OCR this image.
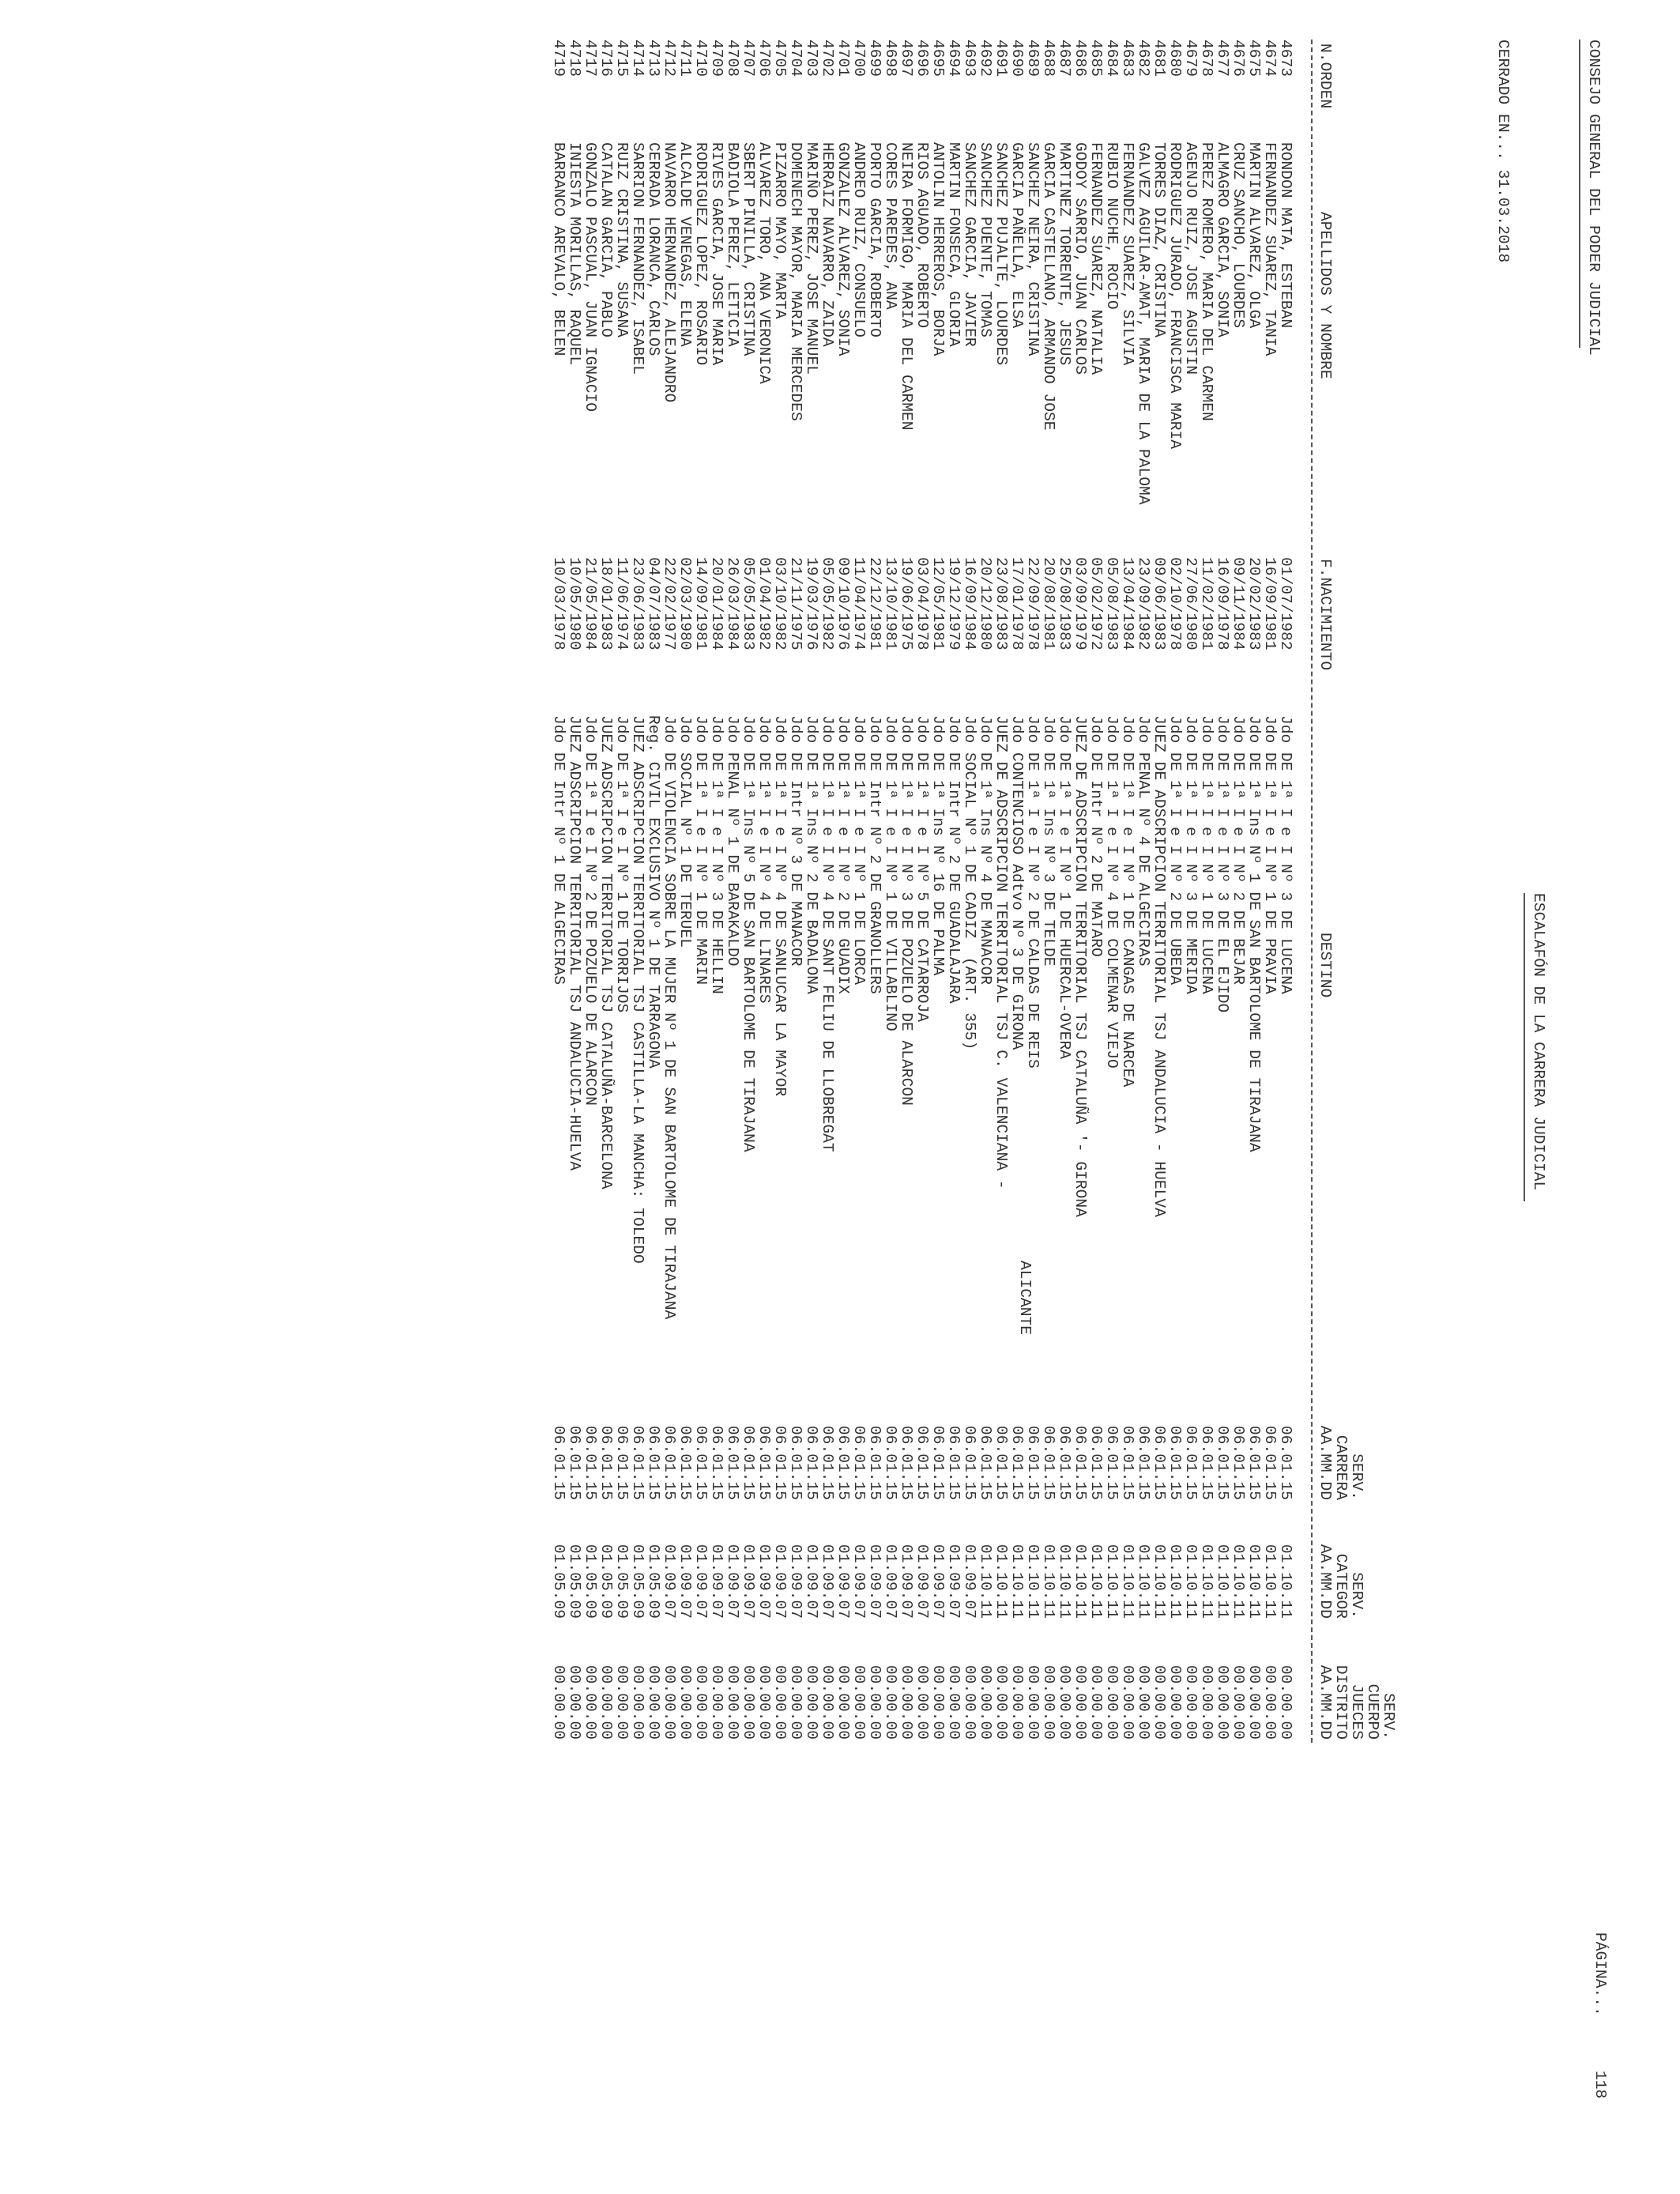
CONSEJO GENERAL DEL PODER JUDICIAL
CERRADO EN... 31.03.2018
ESCALAFÓN DE LA CARRERA JUDICIAL
PÁGINA...
118
N.ORDEN
APELLIDOS Y NOMBRE
F.NACIMIENTO
DESTINO
SERV.
CARRERA
AA.MM.DD
SERV.
CATEGOR
AA.MM.DD
SERV.
CUERPO
JUECES
DISTRITO
AA.MM.DD
4673
RONDON MATA, ESTEBAN
01/07/1982
Jdo DE 1ª I e I Nº 3 DE LUCENA
06.01.15
01.10.11
00.00.00
4674
FERNANDEZ SUAREZ, TANIA
16/09/1981
Jdo DE 1ª I e I Nº 1 DE PRAVIA
06.01.15
01.10.11
00.00.00
4675
MARTIN ALVAREZ, OLGA
20/02/1983
Jdo DE 1ª Ins Nº 1 DE SAN BARTOLOME DE TIRAJANA
06.01.15
01.10.11
00.00.00
4676
CRUZ SANCHO, LOURDES
09/11/1984
Jdo DE 1ª I e I Nº 2 DE BEJAR
06.01.15
01.10.11
00.00.00
4677
ALMAGRO GARCIA, SONIA
16/09/1978
Jdo DE 1ª I e I Nº 3 DE EL EJIDO
06.01.15
01.10.11
00.00.00
4678
PEREZ ROMERO, MARIA DEL CARMEN
11/02/1981
Jdo DE 1ª I e I Nº 1 DE LUCENA
06.01.15
01.10.11
00.00.00
4679
AGENJO RUIZ, JOSE AGUSTIN
27/06/1980
Jdo DE 1ª I e I Nº 3 DE MERIDA
06.01.15
01.10.11
00.00.00
4680
RODRIGUEZ JURADO, FRANCISCA MARIA
02/10/1978
Jdo DE 1ª I e I Nº 2 DE UBEDA
06.01.15
01.10.11
00.00.00
4681
TORRES DIAZ, CRISTINA
09/06/1983
JUEZ DE ADSCRIPCION TERRITORIAL TSJ ANDALUCIA - HUELVA
06.01.15
01.10.11
00.00.00
4682
GALVEZ AGUILAR-AMAT, MARIA DE LA PALOMA
23/09/1982
Jdo PENAL Nº 4 DE ALGECIRAS
06.01.15
01.10.11
00.00.00
4683
FERNANDEZ SUAREZ, SILVIA
13/04/1984
Jdo DE 1ª I e I Nº 1 DE CANGAS DE NARCEA
06.01.15
01.10.11
00.00.00
4684
RUBIO NUCHE, ROCIO
05/08/1983
Jdo DE 1ª I e I Nº 4 DE COLMENAR VIEJO
06.01.15
01.10.11
00.00.00
4685
FERNANDEZ SUAREZ, NATALIA
05/02/1972
Jdo DE Intr Nº 2 DE MATARO
06.01.15
01.10.11
00.00.00
4686
GODOY SARRIO, JUAN CARLOS
03/09/1979
JUEZ DE ADSCRIPCION TERRITORIAL TSJ CATALUÑA '- GIRONA
06.01.15
01.10.11
00.00.00
4687
MARTINEZ TORRENTE, JESUS
25/08/1983
Jdo DE 1ª I e I Nº 1 DE HUERCAL-OVERA
06.01.15
01.10.11
00.00.00
4688
GARCIA CASTELLANO, ARMANDO JOSE
20/08/1981
Jdo DE 1ª Ins Nº 3 DE TELDE
06.01.15
01.10.11
00.00.00
4689
SANCHEZ NEIRA, CRISTINA
22/09/1978
Jdo DE 1ª I e I Nº 2 DE CALDAS DE REIS
06.01.15
01.10.11
00.00.00
4690
GARCIA PAÑELLA, ELSA
17/01/1978
Jdo CONTENCIOSO Adtvo Nº 3 DE GIRONA
06.01.15
01.10.11
00.00.00
4691
SANCHEZ PUJALTE, LOURDES
23/08/1983
JUEZ DE ADSCRIPCION TERRITORIAL TSJ C. VALENCIANA -
06.01.15
01.10.11
00.00.00
ALICANTE
4692
SANCHEZ PUENTE, TOMAS
20/12/1980
Jdo DE 1ª Ins Nº 4 DE MANACOR
06.01.15
01.10.11
00.00.00
4693
SANCHEZ GARCIA, JAVIER
16/09/1984
Jdo SOCIAL Nº 1 DE CADIZ  (ART. 355)
06.01.15
01.09.07
00.00.00
4694
MARTIN FONSECA, GLORIA
19/12/1979
Jdo DE Intr Nº 2 DE GUADALAJARA
06.01.15
01.09.07
00.00.00
4695
ANTOLIN HERREROS, BORJA
12/05/1981
Jdo DE 1ª Ins Nº 16 DE PALMA
06.01.15
01.09.07
00.00.00
4696
RIOS AGUADO, ROBERTO
03/04/1978
Jdo DE 1ª I e I Nº 5 DE CATARROJA
06.01.15
01.09.07
00.00.00
4697
NEIRA FORMIGO, MARIA DEL CARMEN
19/06/1975
Jdo DE 1ª I e I Nº 3 DE POZUELO DE ALARCON
06.01.15
01.09.07
00.00.00
4698
CORES PAREDES, ANA
13/10/1981
Jdo DE 1ª I e I Nº 1 DE VILLABLINO
06.01.15
01.09.07
00.00.00
4699
PORTO GARCIA, ROBERTO
22/12/1981
Jdo DE Intr Nº 2 DE GRANOLLERS
06.01.15
01.09.07
00.00.00
4700
ANDREO RUIZ, CONSUELO
11/04/1974
Jdo DE 1ª I e I Nº 1 DE LORCA
06.01.15
01.09.07
00.00.00
4701
GONZALEZ ALVAREZ, SONIA
09/10/1976
Jdo DE 1ª I e I Nº 2 DE GUADIX
06.01.15
01.09.07
00.00.00
4702
HERRAIZ NAVARRO, ZAIDA
05/05/1982
Jdo DE 1ª I e I Nº 4 DE SANT FELIU DE LLOBREGAT
06.01.15
01.09.07
00.00.00
4703
MARIÑO PEREZ, JOSE MANUEL
19/03/1976
Jdo DE 1ª Ins Nº 2 DE BADALONA
06.01.15
01.09.07
00.00.00
4704
DOMENECH MAYOR, MARIA MERCEDES
21/11/1975
Jdo DE Intr Nº 3 DE MANACOR
06.01.15
01.09.07
00.00.00
4705
PIZARRO MAYO, MARTA
03/10/1982
Jdo DE 1ª I e I Nº 4 DE SANLUCAR LA MAYOR
06.01.15
01.09.07
00.00.00
4706
ALVAREZ TORO, ANA VERONICA
01/04/1982
Jdo DE 1ª I e I Nº 4 DE LINARES
06.01.15
01.09.07
00.00.00
4707
SBERT PINILLA, CRISTINA
05/05/1983
Jdo DE 1ª Ins Nº 5 DE SAN BARTOLOME DE TIRAJANA
06.01.15
01.09.07
00.00.00
4708
BADIOLA PEREZ, LETICIA
26/03/1984
Jdo PENAL Nº 1 DE BARAKALDO
06.01.15
01.09.07
00.00.00
4709
RIVES GARCIA, JOSE MARIA
20/01/1984
Jdo DE 1ª I e I Nº 3 DE HELLIN
06.01.15
01.09.07
00.00.00
4710
RODRIGUEZ LOPEZ, ROSARIO
14/09/1981
Jdo DE 1ª I e I Nº 1 DE MARIN
06.01.15
01.09.07
00.00.00
4711
ALCALDE VENEGAS, ELENA
02/03/1980
Jdo SOCIAL Nº 1 DE TERUEL
06.01.15
01.09.07
00.00.00
4712
NAVARRO HERNANDEZ, ALEJANDRO
22/02/1977
Jdo DE VIOLENCIA SOBRE LA MUJER Nº 1 DE SAN BARTOLOME DE TIRAJANA
06.01.15
01.09.07
00.00.00
4713
CERRADA LORANCA, CARLOS
04/07/1983
Reg. CIVIL EXCLUSIVO Nº 1 DE TARRAGONA
06.01.15
01.05.09
00.00.00
4714
SARRION FERNANDEZ, ISABEL
23/06/1983
JUEZ ADSCRIPCION TERRITORIAL TSJ CASTILLA-LA MANCHA: TOLEDO
06.01.15
01.05.09
00.00.00
4715
RUIZ CRISTINA, SUSANA
11/06/1974
Jdo DE 1ª I e I Nº 1 DE TORRIJOS
06.01.15
01.05.09
00.00.00
4716
CATALAN GARCIA, PABLO
18/01/1983
JUEZ ADSCRIPCION TERRITORIAL TSJ CATALUÑA-BARCELONA
06.01.15
01.05.09
00.00.00
4717
GONZALO PASCUAL, JUAN IGNACIO
21/05/1984
Jdo DE 1ª I e I Nº 2 DE POZUELO DE ALARCON
06.01.15
01.05.09
00.00.00
4718
INIESTA MORILLAS, RAQUEL
10/05/1980
JUEZ ADSCRIPCION TERRITORIAL TSJ ANDALUCIA-HUELVA
06.01.15
01.05.09
00.00.00
4719
BARRANCO AREVALO, BELEN
10/03/1978
Jdo DE Intr Nº 1 DE ALGECIRAS
06.01.15
01.05.09
00.00.00
